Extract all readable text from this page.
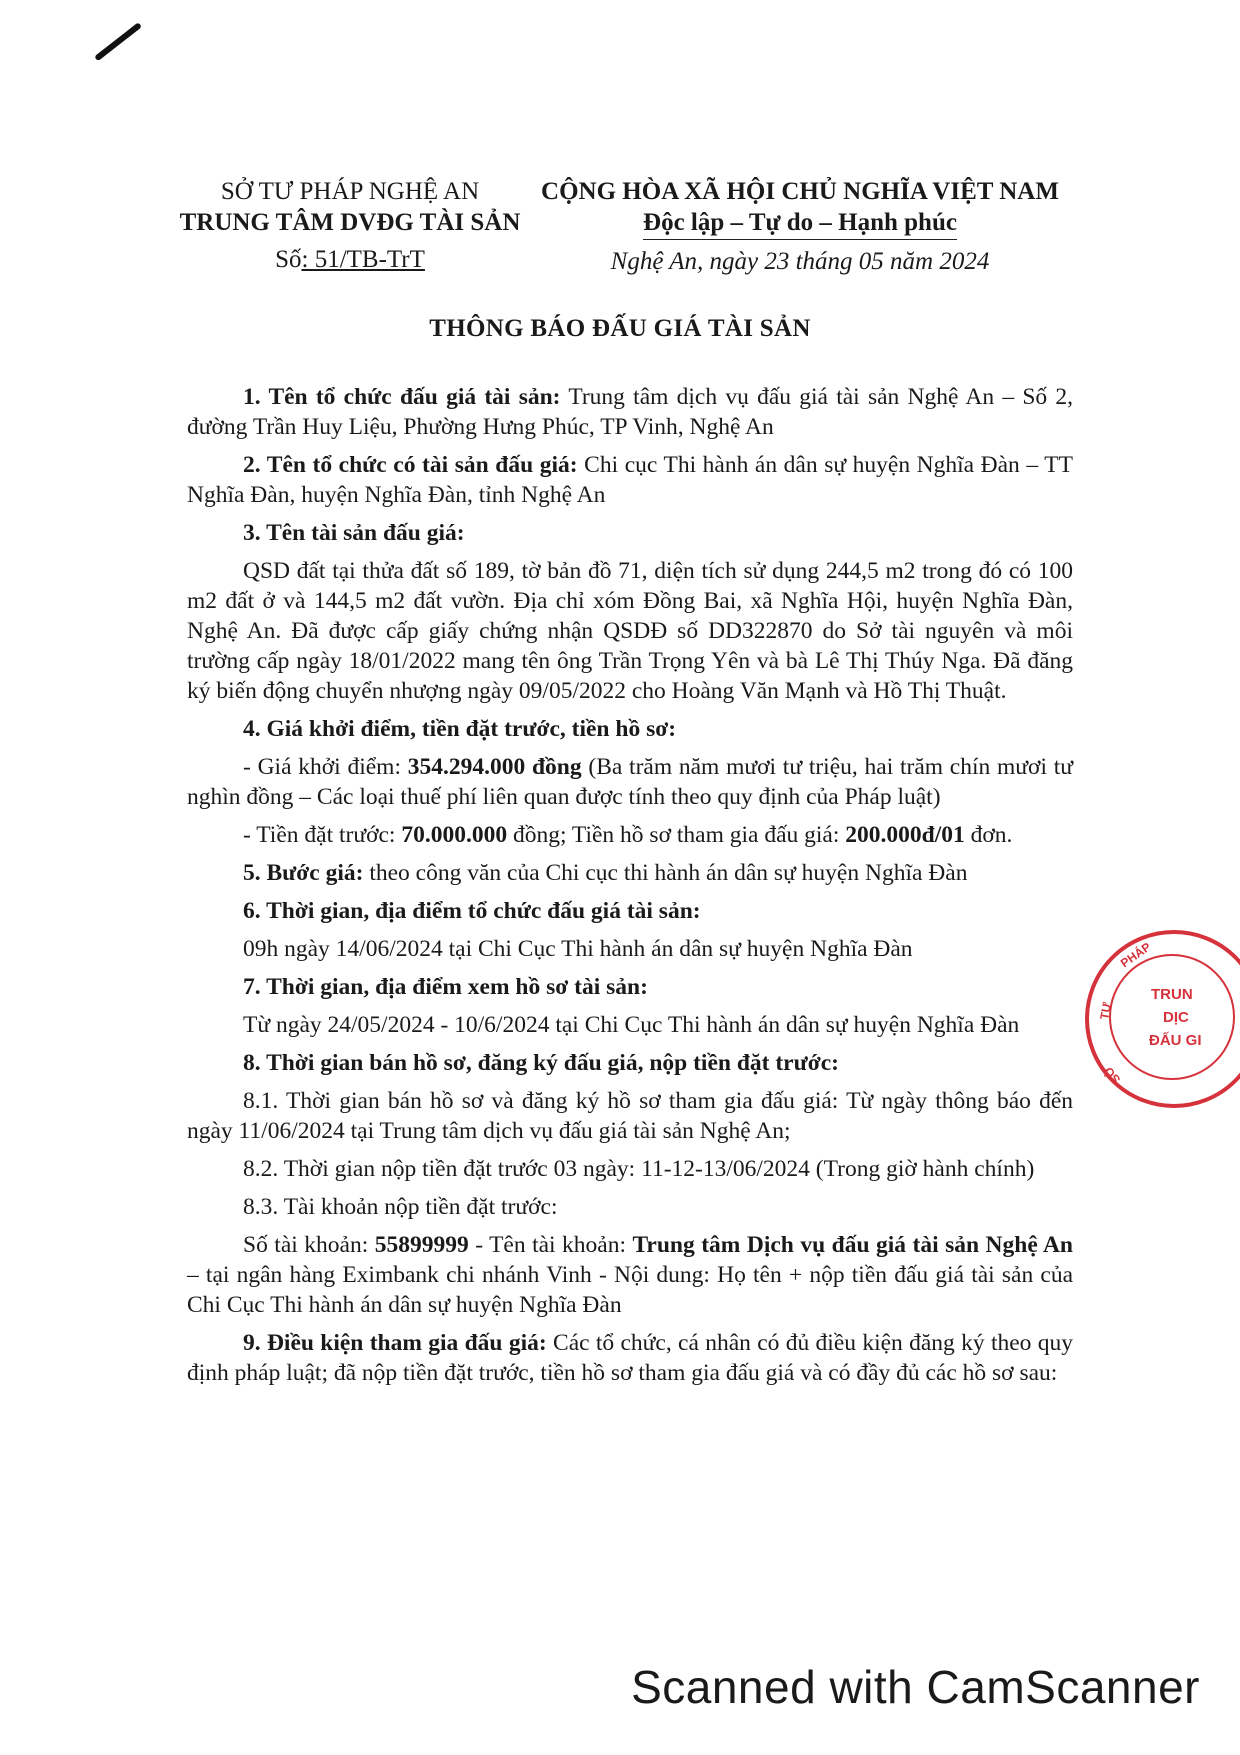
SỞ TƯ PHÁP NGHỆ AN
TRUNG TÂM DVĐG TÀI SẢN
Số: 51/TB-TrT
CỘNG HÒA XÃ HỘI CHỦ NGHĨA VIỆT NAM
Độc lập – Tự do – Hạnh phúc
Nghệ An, ngày 23 tháng 05 năm 2024
THÔNG BÁO ĐẤU GIÁ TÀI SẢN

1. Tên tổ chức đấu giá tài sản: Trung tâm dịch vụ đấu giá tài sản Nghệ An – Số 2, đường Trần Huy Liệu, Phường Hưng Phúc, TP Vinh, Nghệ An

2. Tên tổ chức có tài sản đấu giá: Chi cục Thi hành án dân sự huyện Nghĩa Đàn – TT Nghĩa Đàn, huyện Nghĩa Đàn, tỉnh Nghệ An

3. Tên tài sản đấu giá:

QSD đất tại thửa đất số 189, tờ bản đồ 71, diện tích sử dụng 244,5 m2 trong đó có 100 m2 đất ở và 144,5 m2 đất vườn. Địa chỉ xóm Đồng Bai, xã Nghĩa Hội, huyện Nghĩa Đàn, Nghệ An. Đã được cấp giấy chứng nhận QSDĐ số DD322870 do Sở tài nguyên và môi trường cấp ngày 18/01/2022 mang tên ông Trần Trọng Yên và bà Lê Thị Thúy Nga. Đã đăng ký biến động chuyển nhượng ngày 09/05/2022 cho Hoàng Văn Mạnh và Hồ Thị Thuật.

4. Giá khởi điểm, tiền đặt trước, tiền hồ sơ:

- Giá khởi điểm: 354.294.000 đồng (Ba trăm năm mươi tư triệu, hai trăm chín mươi tư nghìn đồng – Các loại thuế phí liên quan được tính theo quy định của Pháp luật)

- Tiền đặt trước: 70.000.000 đồng; Tiền hồ sơ tham gia đấu giá: 200.000đ/01 đơn.

5. Bước giá: theo công văn của Chi cục thi hành án dân sự huyện Nghĩa Đàn

6. Thời gian, địa điểm tổ chức đấu giá tài sản:

09h ngày 14/06/2024 tại Chi Cục Thi hành án dân sự huyện Nghĩa Đàn

7. Thời gian, địa điểm xem hồ sơ tài sản:

Từ ngày 24/05/2024 - 10/6/2024 tại Chi Cục Thi hành án dân sự huyện Nghĩa Đàn

8. Thời gian bán hồ sơ, đăng ký đấu giá, nộp tiền đặt trước:

8.1. Thời gian bán hồ sơ và đăng ký hồ sơ tham gia đấu giá: Từ ngày thông báo đến ngày 11/06/2024 tại Trung tâm dịch vụ đấu giá tài sản Nghệ An;

8.2. Thời gian nộp tiền đặt trước 03 ngày: 11-12-13/06/2024 (Trong giờ hành chính)

8.3. Tài khoản nộp tiền đặt trước:

Số tài khoản: 55899999 - Tên tài khoản: Trung tâm Dịch vụ đấu giá tài sản Nghệ An – tại ngân hàng Eximbank chi nhánh Vinh - Nội dung: Họ tên + nộp tiền đấu giá tài sản của Chi Cục Thi hành án dân sự huyện Nghĩa Đàn

9. Điều kiện tham gia đấu giá: Các tổ chức, cá nhân có đủ điều kiện đăng ký theo quy định pháp luật; đã nộp tiền đặt trước, tiền hồ sơ tham gia đấu giá và có đầy đủ các hồ sơ sau:

PHÁP
TRUN
DỊC
ĐẤU GI
TƯ
SỞ
Scanned with CamScanner
